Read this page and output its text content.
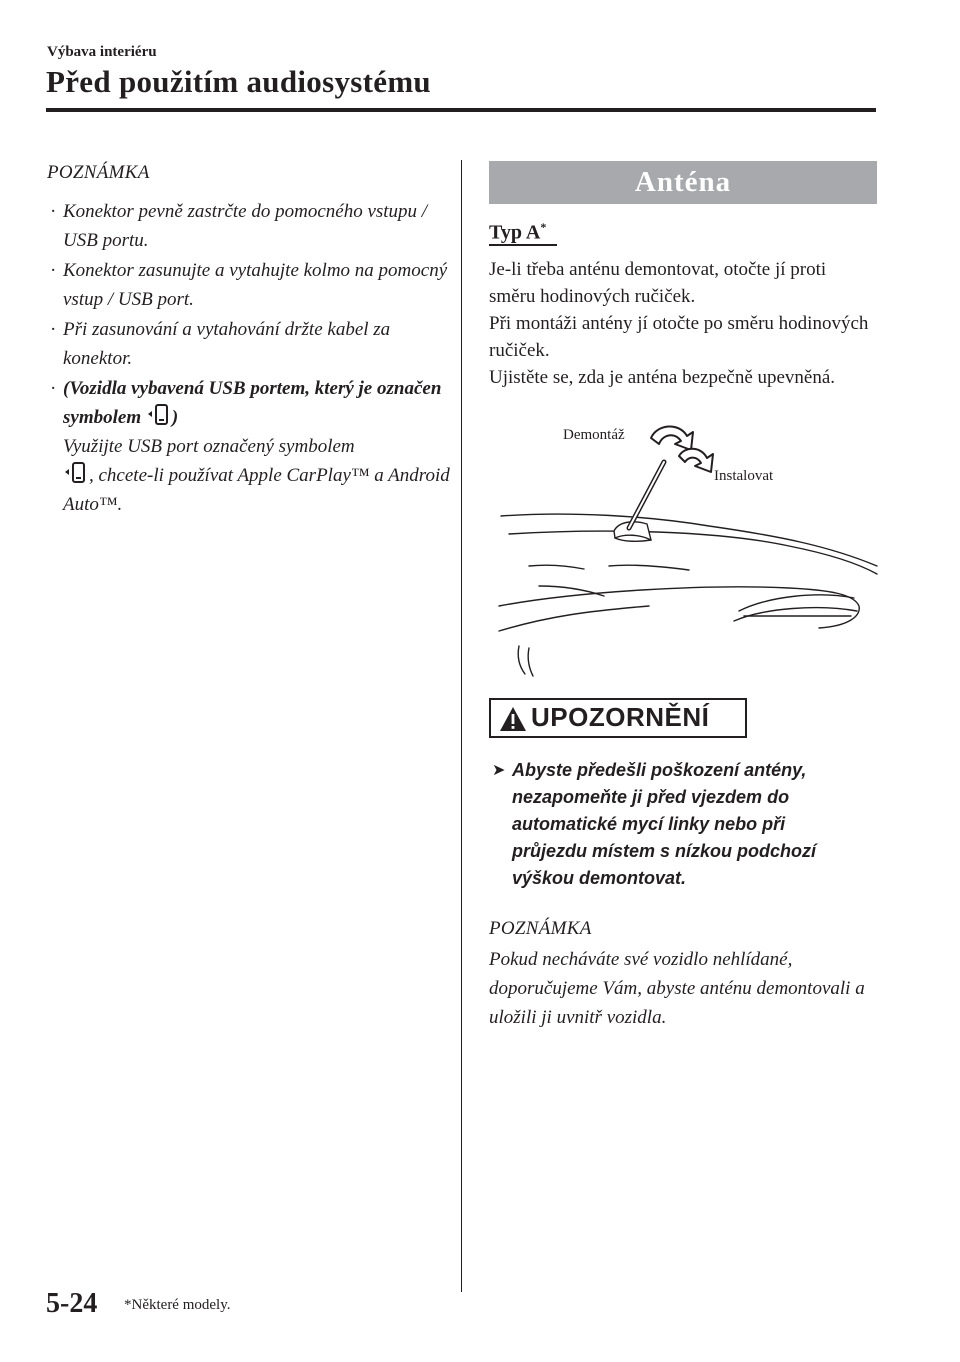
Výbava interiéru
Před použitím audiosystému
POZNÁMKA
· Konektor pevně zastrčte do pomocného vstupu / USB portu.
· Konektor zasunujte a vytahujte kolmo na pomocný vstup / USB port.
· Při zasunování a vytahování držte kabel za konektor.
· (Vozidla vybavená USB portem, který je označen symbolem )
Využijte USB port označený symbolem
, chcete-li používat Apple CarPlay™ a Android Auto™.
Anténa
Typ A*

Je-li třeba anténu demontovat, otočte jí proti směru hodinových ručiček.

Při montáži antény jí otočte po směru hodinových ručiček.

Ujistěte se, zda je anténa bezpečně upevněná.

Demontáž
Instalovat
UPOZORNĚNÍ
➤ Abyste předešli poškození antény, nezapomeňte ji před vjezdem do automatické mycí linky nebo při průjezdu místem s nízkou podchozí výškou demontovat.
POZNÁMKA
Pokud necháváte své vozidlo nehlídané, doporučujeme Vám, abyste anténu demontovali a uložili ji uvnitř vozidla.
5-24 *Některé modely.
